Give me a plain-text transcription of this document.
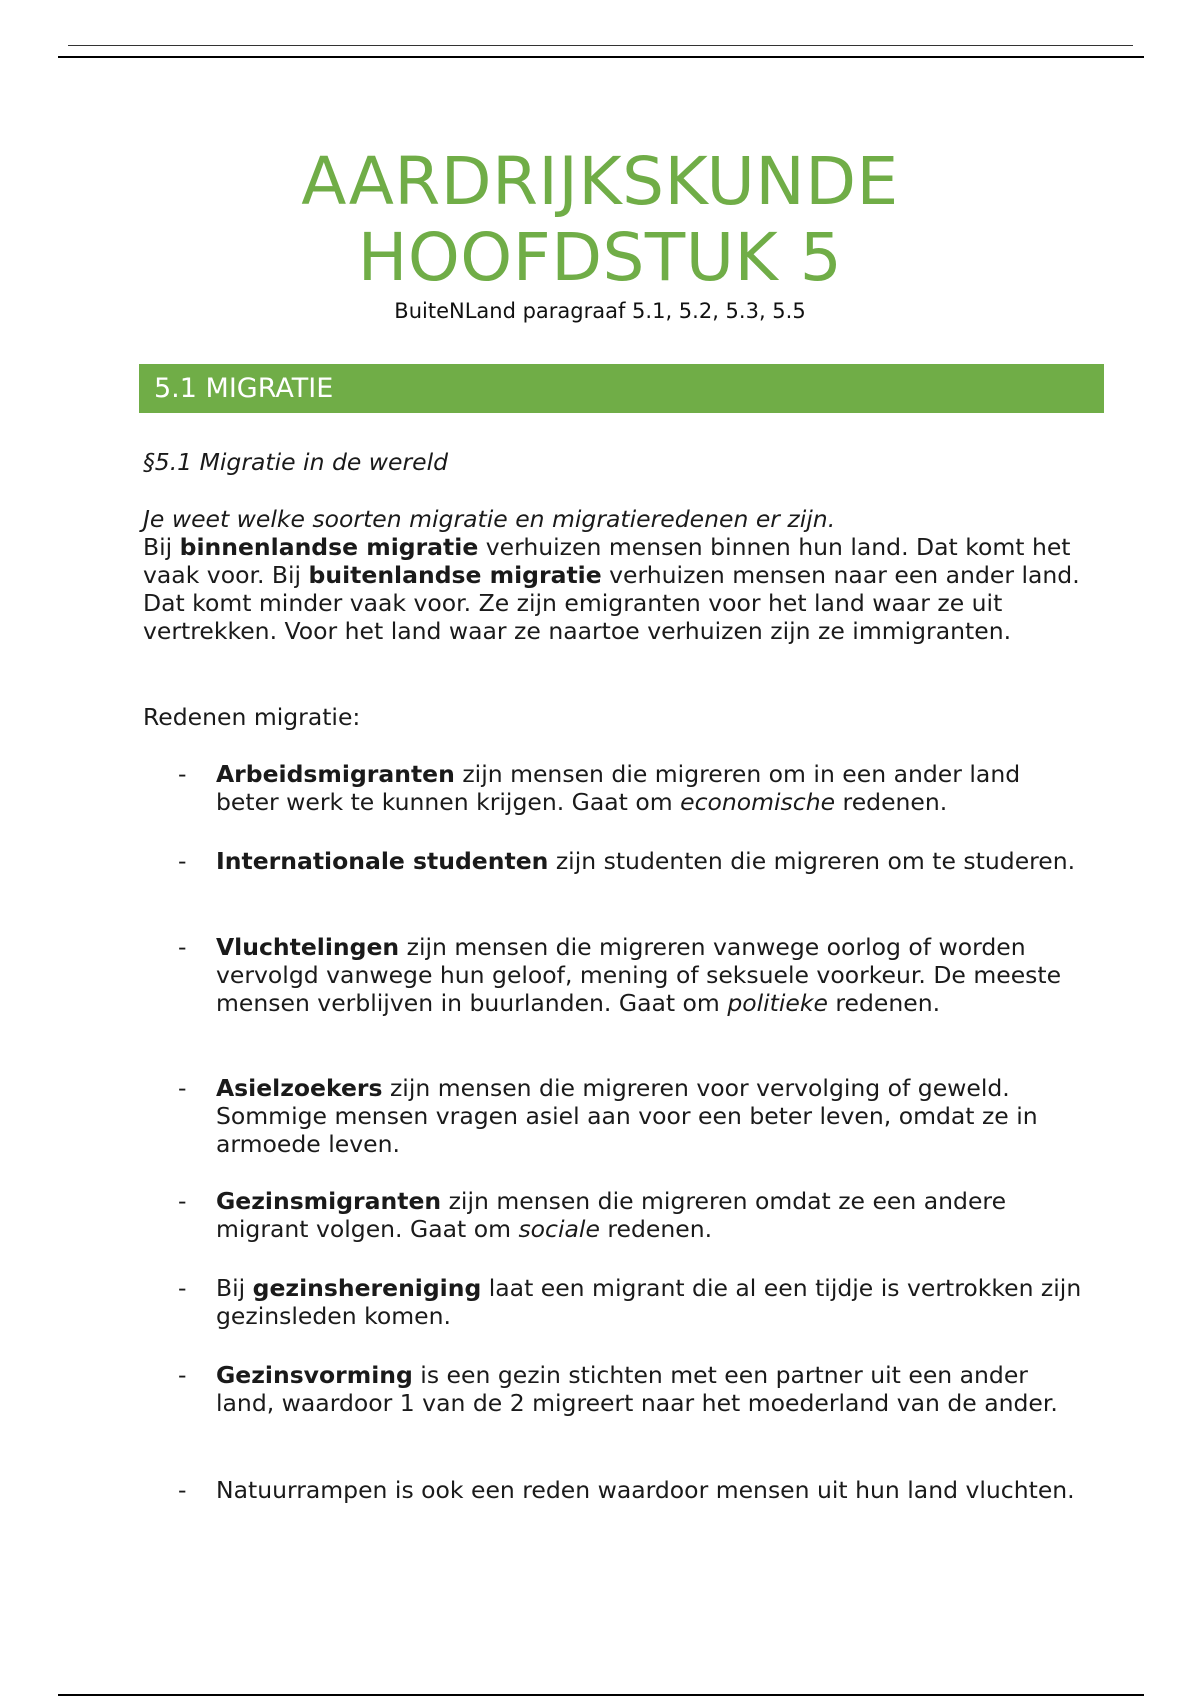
AARDRIJKSKUNDE
HOOFDSTUK 5
BuiteNLand paragraaf 5.1, 5.2, 5.3, 5.5
5.1 MIGRATIE
§5.1 Migratie in de wereld
Je weet welke soorten migratie en migratieredenen er zijn.
Bij binnenlandse migratie verhuizen mensen binnen hun land. Dat komt het vaak voor. Bij buitenlandse migratie verhuizen mensen naar een ander land. Dat komt minder vaak voor. Ze zijn emigranten voor het land waar ze uit vertrekken. Voor het land waar ze naartoe verhuizen zijn ze immigranten.
Redenen migratie:
- Arbeidsmigranten zijn mensen die migreren om in een ander land beter werk te kunnen krijgen. Gaat om economische redenen.
- Internationale studenten zijn studenten die migreren om te studeren.
- Vluchtelingen zijn mensen die migreren vanwege oorlog of worden vervolgd vanwege hun geloof, mening of seksuele voorkeur. De meeste mensen verblijven in buurlanden. Gaat om politieke redenen.
- Asielzoekers zijn mensen die migreren voor vervolging of geweld. Sommige mensen vragen asiel aan voor een beter leven, omdat ze in armoede leven.
- Gezinsmigranten zijn mensen die migreren omdat ze een andere migrant volgen. Gaat om sociale redenen.
- Bij gezinshereniging laat een migrant die al een tijdje is vertrokken zijn gezinsleden komen.
- Gezinsvorming is een gezin stichten met een partner uit een ander land, waardoor 1 van de 2 migreert naar het moederland van de ander.
- Natuurrampen is ook een reden waardoor mensen uit hun land vluchten.
